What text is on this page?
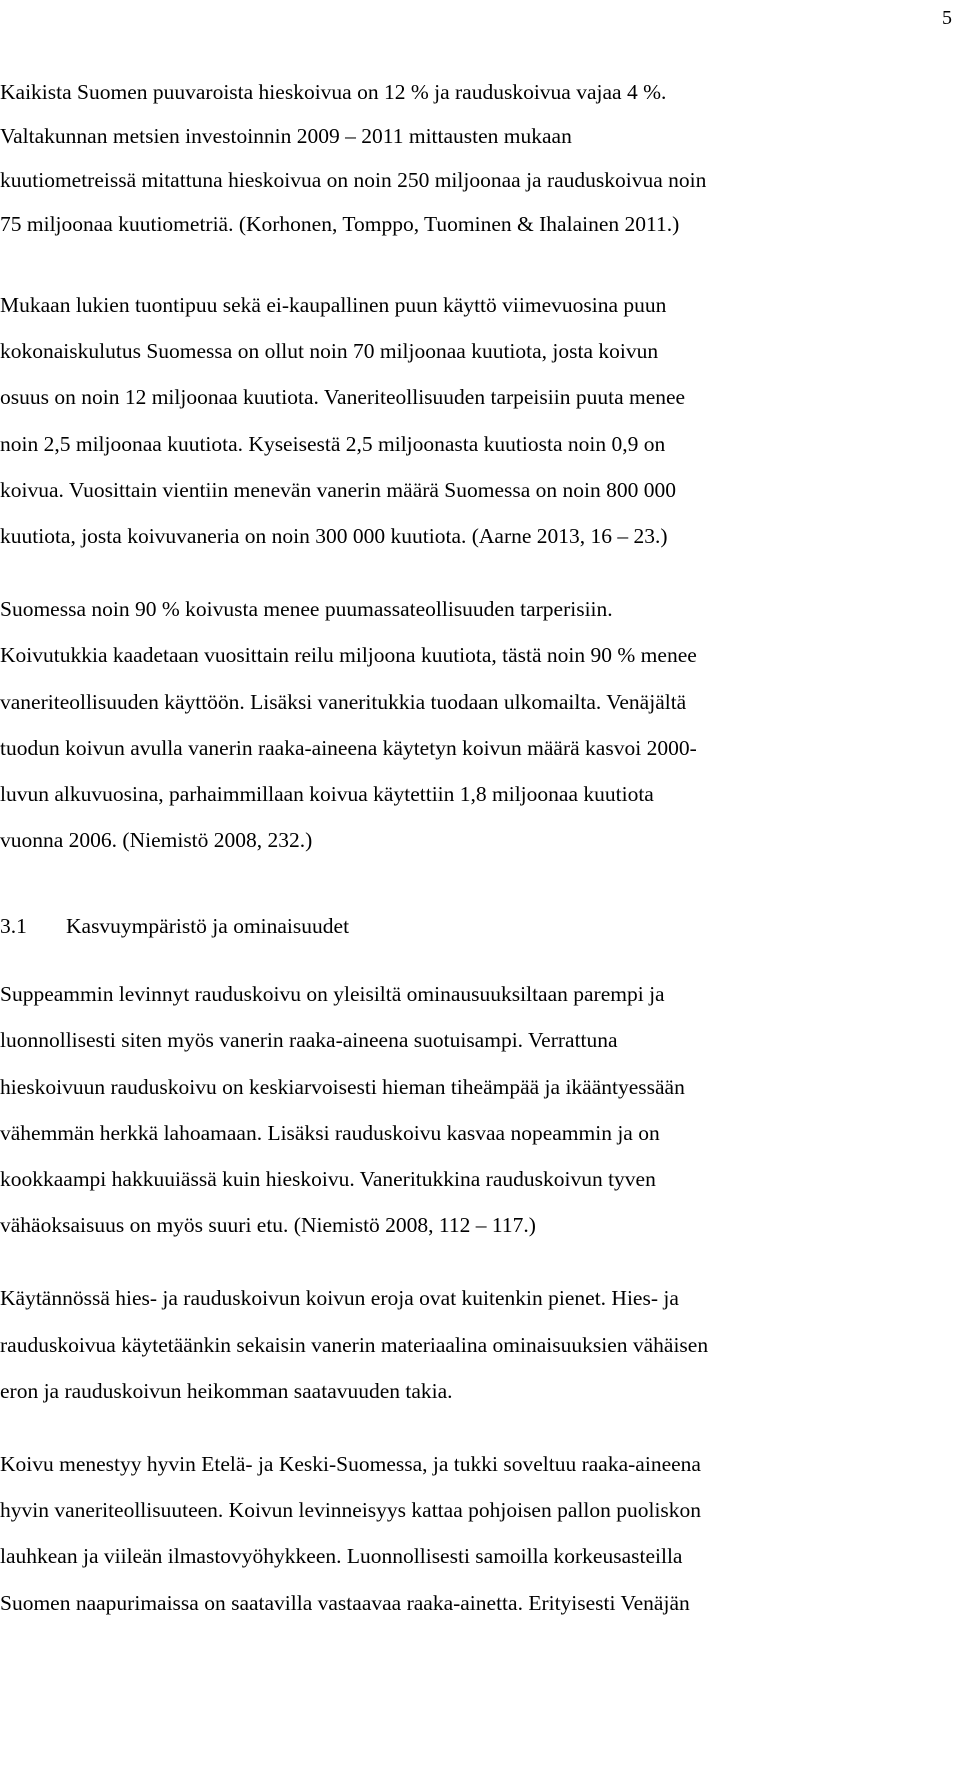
5
Kaikista Suomen puuvaroista hieskoivua on 12 % ja rauduskoivua vajaa 4 %.
Valtakunnan metsien investoinnin 2009 – 2011 mittausten mukaan
kuutiometreissä mitattuna hieskoivua on noin 250 miljoonaa ja rauduskoivua noin
75 miljoonaa kuutiometriä. (Korhonen, Tomppo, Tuominen & Ihalainen 2011.)
Mukaan lukien tuontipuu sekä ei-kaupallinen puun käyttö viimevuosina puun
kokonaiskulutus Suomessa on ollut noin 70 miljoonaa kuutiota, josta koivun
osuus on noin 12 miljoonaa kuutiota. Vaneriteollisuuden tarpeisiin puuta menee
noin 2,5 miljoonaa kuutiota. Kyseisestä 2,5 miljoonasta kuutiosta noin 0,9 on
koivua. Vuosittain vientiin menevän vanerin määrä Suomessa on noin 800 000
kuutiota, josta koivuvaneria on noin 300 000 kuutiota. (Aarne 2013, 16 – 23.)
Suomessa noin 90 % koivusta menee puumassateollisuuden tarperisiin.
Koivutukkia kaadetaan vuosittain reilu miljoona kuutiota, tästä noin 90 % menee
vaneriteollisuuden käyttöön. Lisäksi vaneritukkia tuodaan ulkomailta. Venäjältä
tuodun koivun avulla vanerin raaka-aineena käytetyn koivun määrä kasvoi 2000-
luvun alkuvuosina, parhaimmillaan koivua käytettiin 1,8 miljoonaa kuutiota
vuonna 2006. (Niemistö 2008, 232.)
3.1 Kasvuympäristö ja ominaisuudet
Suppeammin levinnyt rauduskoivu on yleisiltä ominausuuksiltaan parempi ja
luonnollisesti siten myös vanerin raaka-aineena suotuisampi. Verrattuna
hieskoivuun rauduskoivu on keskiarvoisesti hieman tiheämpää ja ikääntyessään
vähemmän herkkä lahoamaan. Lisäksi rauduskoivu kasvaa nopeammin ja on
kookkaampi hakkuuiässä kuin hieskoivu. Vaneritukkina rauduskoivun tyven
vähäoksaisuus on myös suuri etu. (Niemistö 2008, 112 – 117.)
Käytännössä hies- ja rauduskoivun koivun eroja ovat kuitenkin pienet. Hies- ja
rauduskoivua käytetäänkin sekaisin vanerin materiaalina ominaisuuksien vähäisen
eron ja rauduskoivun heikomman saatavuuden takia.
Koivu menestyy hyvin Etelä- ja Keski-Suomessa, ja tukki soveltuu raaka-aineena
hyvin vaneriteollisuuteen. Koivun levinneisyys kattaa pohjoisen pallon puoliskon
lauhkean ja viileän ilmastovyöhykkeen. Luonnollisesti samoilla korkeusasteilla
Suomen naapurimaissa on saatavilla vastaavaa raaka-ainetta. Erityisesti Venäjän
